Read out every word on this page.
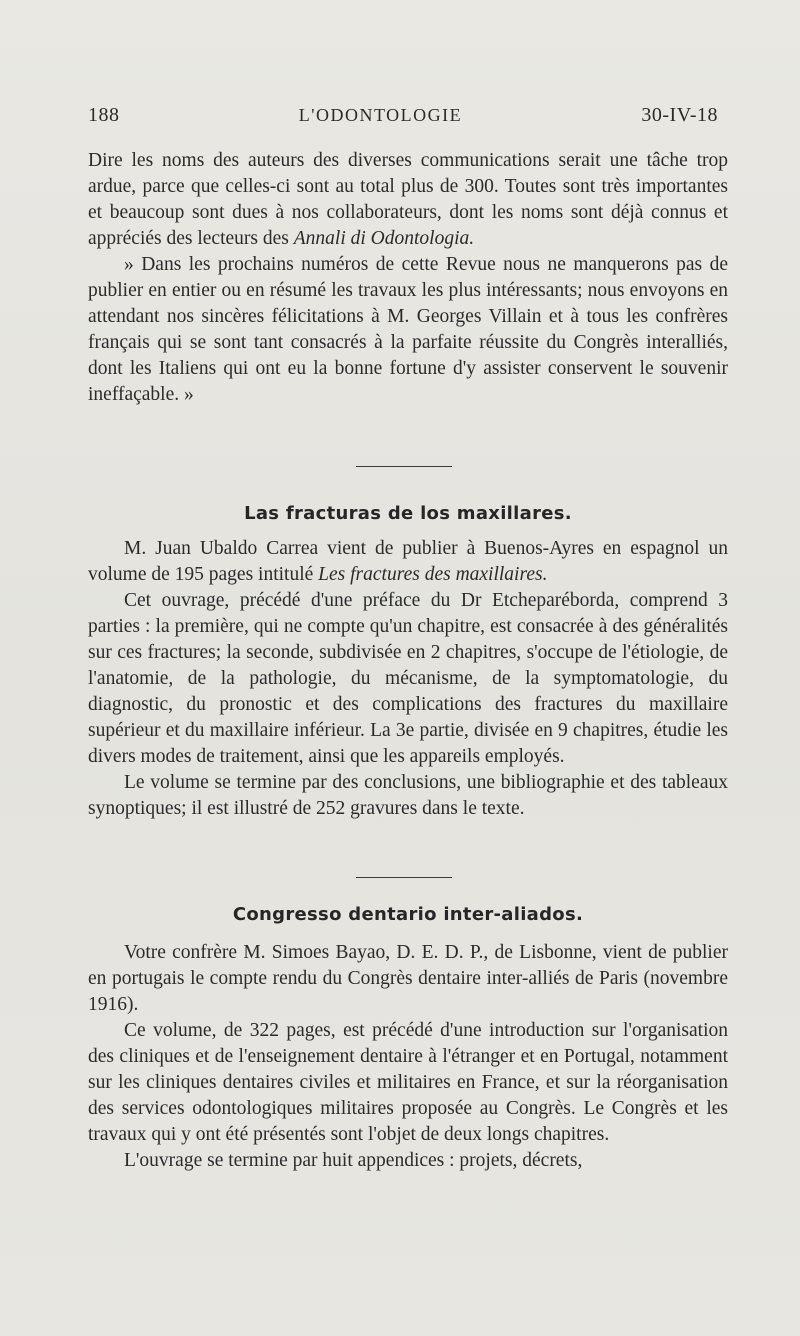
188	L'ODONTOLOGIE	30-IV-18

Dire les noms des auteurs des diverses communications serait une tâche trop ardue, parce que celles-ci sont au total plus de 300. Toutes sont très importantes et beaucoup sont dues à nos collaborateurs, dont les noms sont déjà connus et appréciés des lecteurs des Annali di Odontologia.

» Dans les prochains numéros de cette Revue nous ne manquerons pas de publier en entier ou en résumé les travaux les plus intéressants; nous envoyons en attendant nos sincères félicitations à M. Georges Villain et à tous les confrères français qui se sont tant consacrés à la parfaite réussite du Congrès interalliés, dont les Italiens qui ont eu la bonne fortune d'y assister conservent le souvenir ineffaçable. »

Las fracturas de los maxillares.

M. Juan Ubaldo Carrea vient de publier à Buenos-Ayres en espagnol un volume de 195 pages intitulé Les fractures des maxillaires.

Cet ouvrage, précédé d'une préface du Dr Etcheparéborda, comprend 3 parties : la première, qui ne compte qu'un chapitre, est consacrée à des généralités sur ces fractures; la seconde, subdivisée en 2 chapitres, s'occupe de l'étiologie, de l'anatomie, de la pathologie, du mécanisme, de la symptomatologie, du diagnostic, du pronostic et des complications des fractures du maxillaire supérieur et du maxillaire inférieur. La 3e partie, divisée en 9 chapitres, étudie les divers modes de traitement, ainsi que les appareils employés.

Le volume se termine par des conclusions, une bibliographie et des tableaux synoptiques; il est illustré de 252 gravures dans le texte.

Congresso dentario inter-aliados.

Votre confrère M. Simoes Bayao, D. E. D. P., de Lisbonne, vient de publier en portugais le compte rendu du Congrès dentaire inter-alliés de Paris (novembre 1916).

Ce volume, de 322 pages, est précédé d'une introduction sur l'organisation des cliniques et de l'enseignement dentaire à l'étranger et en Portugal, notamment sur les cliniques dentaires civiles et militaires en France, et sur la réorganisation des services odontologiques militaires proposée au Congrès. Le Congrès et les travaux qui y ont été présentés sont l'objet de deux longs chapitres.

L'ouvrage se termine par huit appendices : projets, décrets,
